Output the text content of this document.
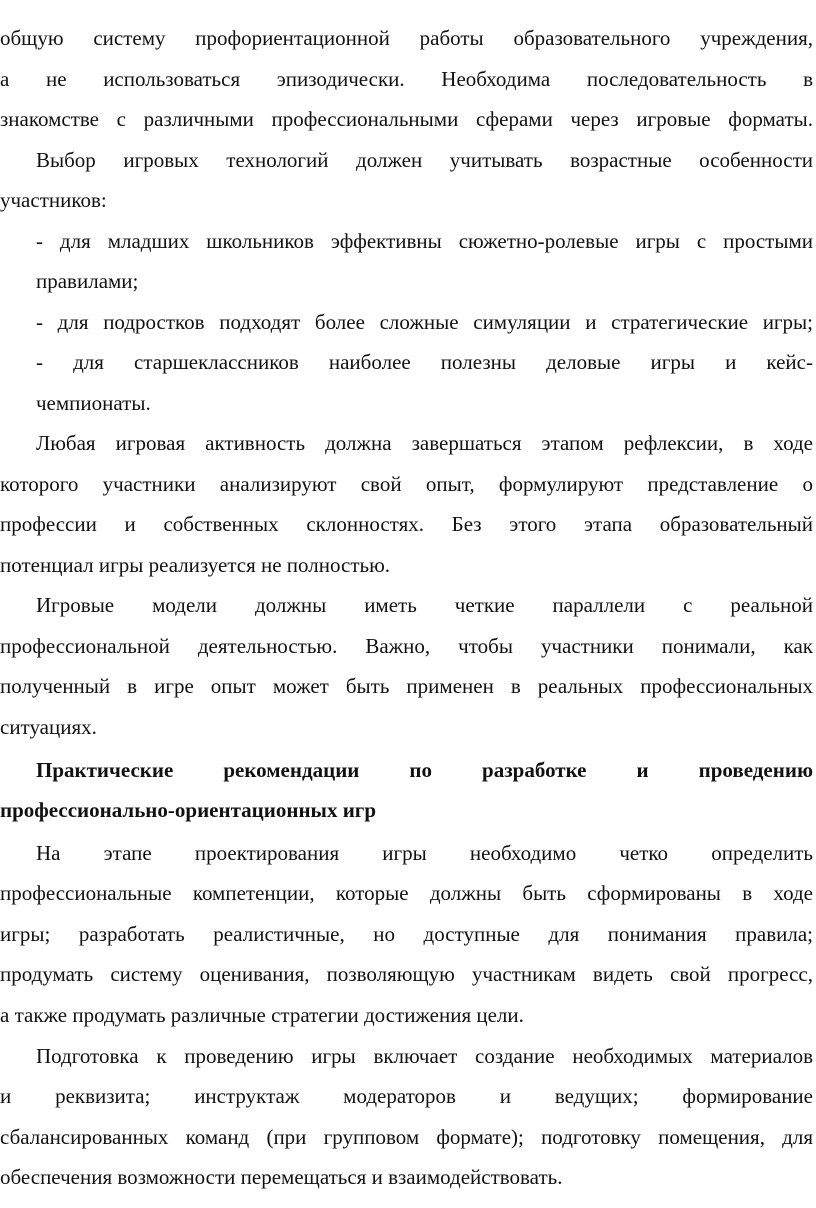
общую систему профориентационной работы образовательного учреждения,
а не использоваться эпизодически. Необходима последовательность в
знакомстве с различными профессиональными сферами через игровые форматы.
Выбор игровых технологий должен учитывать возрастные особенности
участников:
- для младших школьников эффективны сюжетно-ролевые игры с простыми
правилами;
- для подростков подходят более сложные симуляции и стратегические игры;
- для старшеклассников наиболее полезны деловые игры и кейс-
чемпионаты.
Любая игровая активность должна завершаться этапом рефлексии, в ходе
которого участники анализируют свой опыт, формулируют представление о
профессии и собственных склонностях. Без этого этапа образовательный
потенциал игры реализуется не полностью.
Игровые модели должны иметь четкие параллели с реальной
профессиональной деятельностью. Важно, чтобы участники понимали, как
полученный в игре опыт может быть применен в реальных профессиональных
ситуациях.
Практические рекомендации по разработке и проведению
профессионально-ориентационных игр
На этапе проектирования игры необходимо четко определить
профессиональные компетенции, которые должны быть сформированы в ходе
игры; разработать реалистичные, но доступные для понимания правила;
продумать систему оценивания, позволяющую участникам видеть свой прогресс,
а также продумать различные стратегии достижения цели.
Подготовка к проведению игры включает создание необходимых материалов
и реквизита; инструктаж модераторов и ведущих; формирование
сбалансированных команд (при групповом формате); подготовку помещения, для
обеспечения возможности перемещаться и взаимодействовать.
